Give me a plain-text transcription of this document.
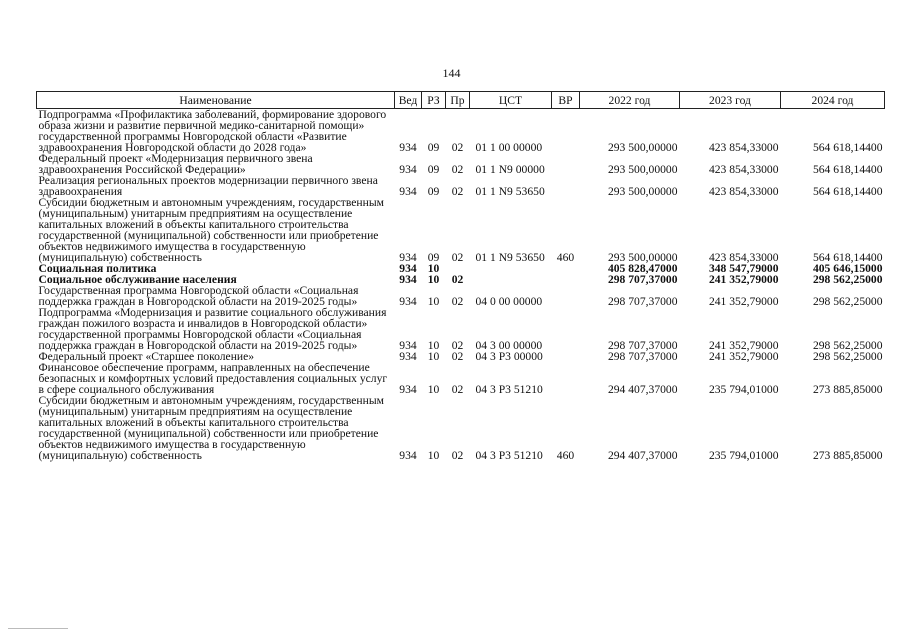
144
Наименование	Вед	РЗ	Пр	ЦСТ	ВР	2022 год	2023 год	2024 год
Подпрограмма «Профилактика заболеваний, формирование здорового образа жизни и развитие первичной медико-санитарной помощи» государственной программы Новгородской области «Развитие здравоохранения Новгородской области до 2028 года»	934	09	02	01 1 00 00000		293 500,00000	423 854,33000	564 618,14400
Федеральный проект «Модернизация первичного звена здравоохранения Российской Федерации»	934	09	02	01 1 N9 00000		293 500,00000	423 854,33000	564 618,14400
Реализация региональных проектов модернизации первичного звена здравоохранения	934	09	02	01 1 N9 53650		293 500,00000	423 854,33000	564 618,14400
Субсидии бюджетным и автономным учреждениям, государственным (муниципальным) унитарным предприятиям на осуществление капитальных вложений в объекты капитального строительства государственной (муниципальной) собственности или приобретение объектов недвижимого имущества в государственную (муниципальную) собственность	934	09	02	01 1 N9 53650	460	293 500,00000	423 854,33000	564 618,14400
Социальная политика	934	10				405 828,47000	348 547,79000	405 646,15000
Социальное обслуживание населения	934	10	02			298 707,37000	241 352,79000	298 562,25000
Государственная программа Новгородской области «Социальная поддержка граждан в Новгородской области на 2019-2025 годы»	934	10	02	04 0 00 00000		298 707,37000	241 352,79000	298 562,25000
Подпрограмма «Модернизация и развитие социального обслуживания граждан пожилого возраста и инвалидов в Новгородской области» государственной программы Новгородской области «Социальная поддержка граждан в Новгородской области на 2019-2025 годы»	934	10	02	04 3 00 00000		298 707,37000	241 352,79000	298 562,25000
Федеральный проект «Старшее поколение»	934	10	02	04 3 P3 00000		298 707,37000	241 352,79000	298 562,25000
Финансовое обеспечение программ, направленных на обеспечение безопасных и комфортных условий предоставления социальных услуг в сфере социального обслуживания	934	10	02	04 3 P3 51210		294 407,37000	235 794,01000	273 885,85000
Субсидии бюджетным и автономным учреждениям, государственным (муниципальным) унитарным предприятиям на осуществление капитальных вложений в объекты капитального строительства государственной (муниципальной) собственности или приобретение объектов недвижимого имущества в государственную (муниципальную) собственность	934	10	02	04 3 P3 51210	460	294 407,37000	235 794,01000	273 885,85000
